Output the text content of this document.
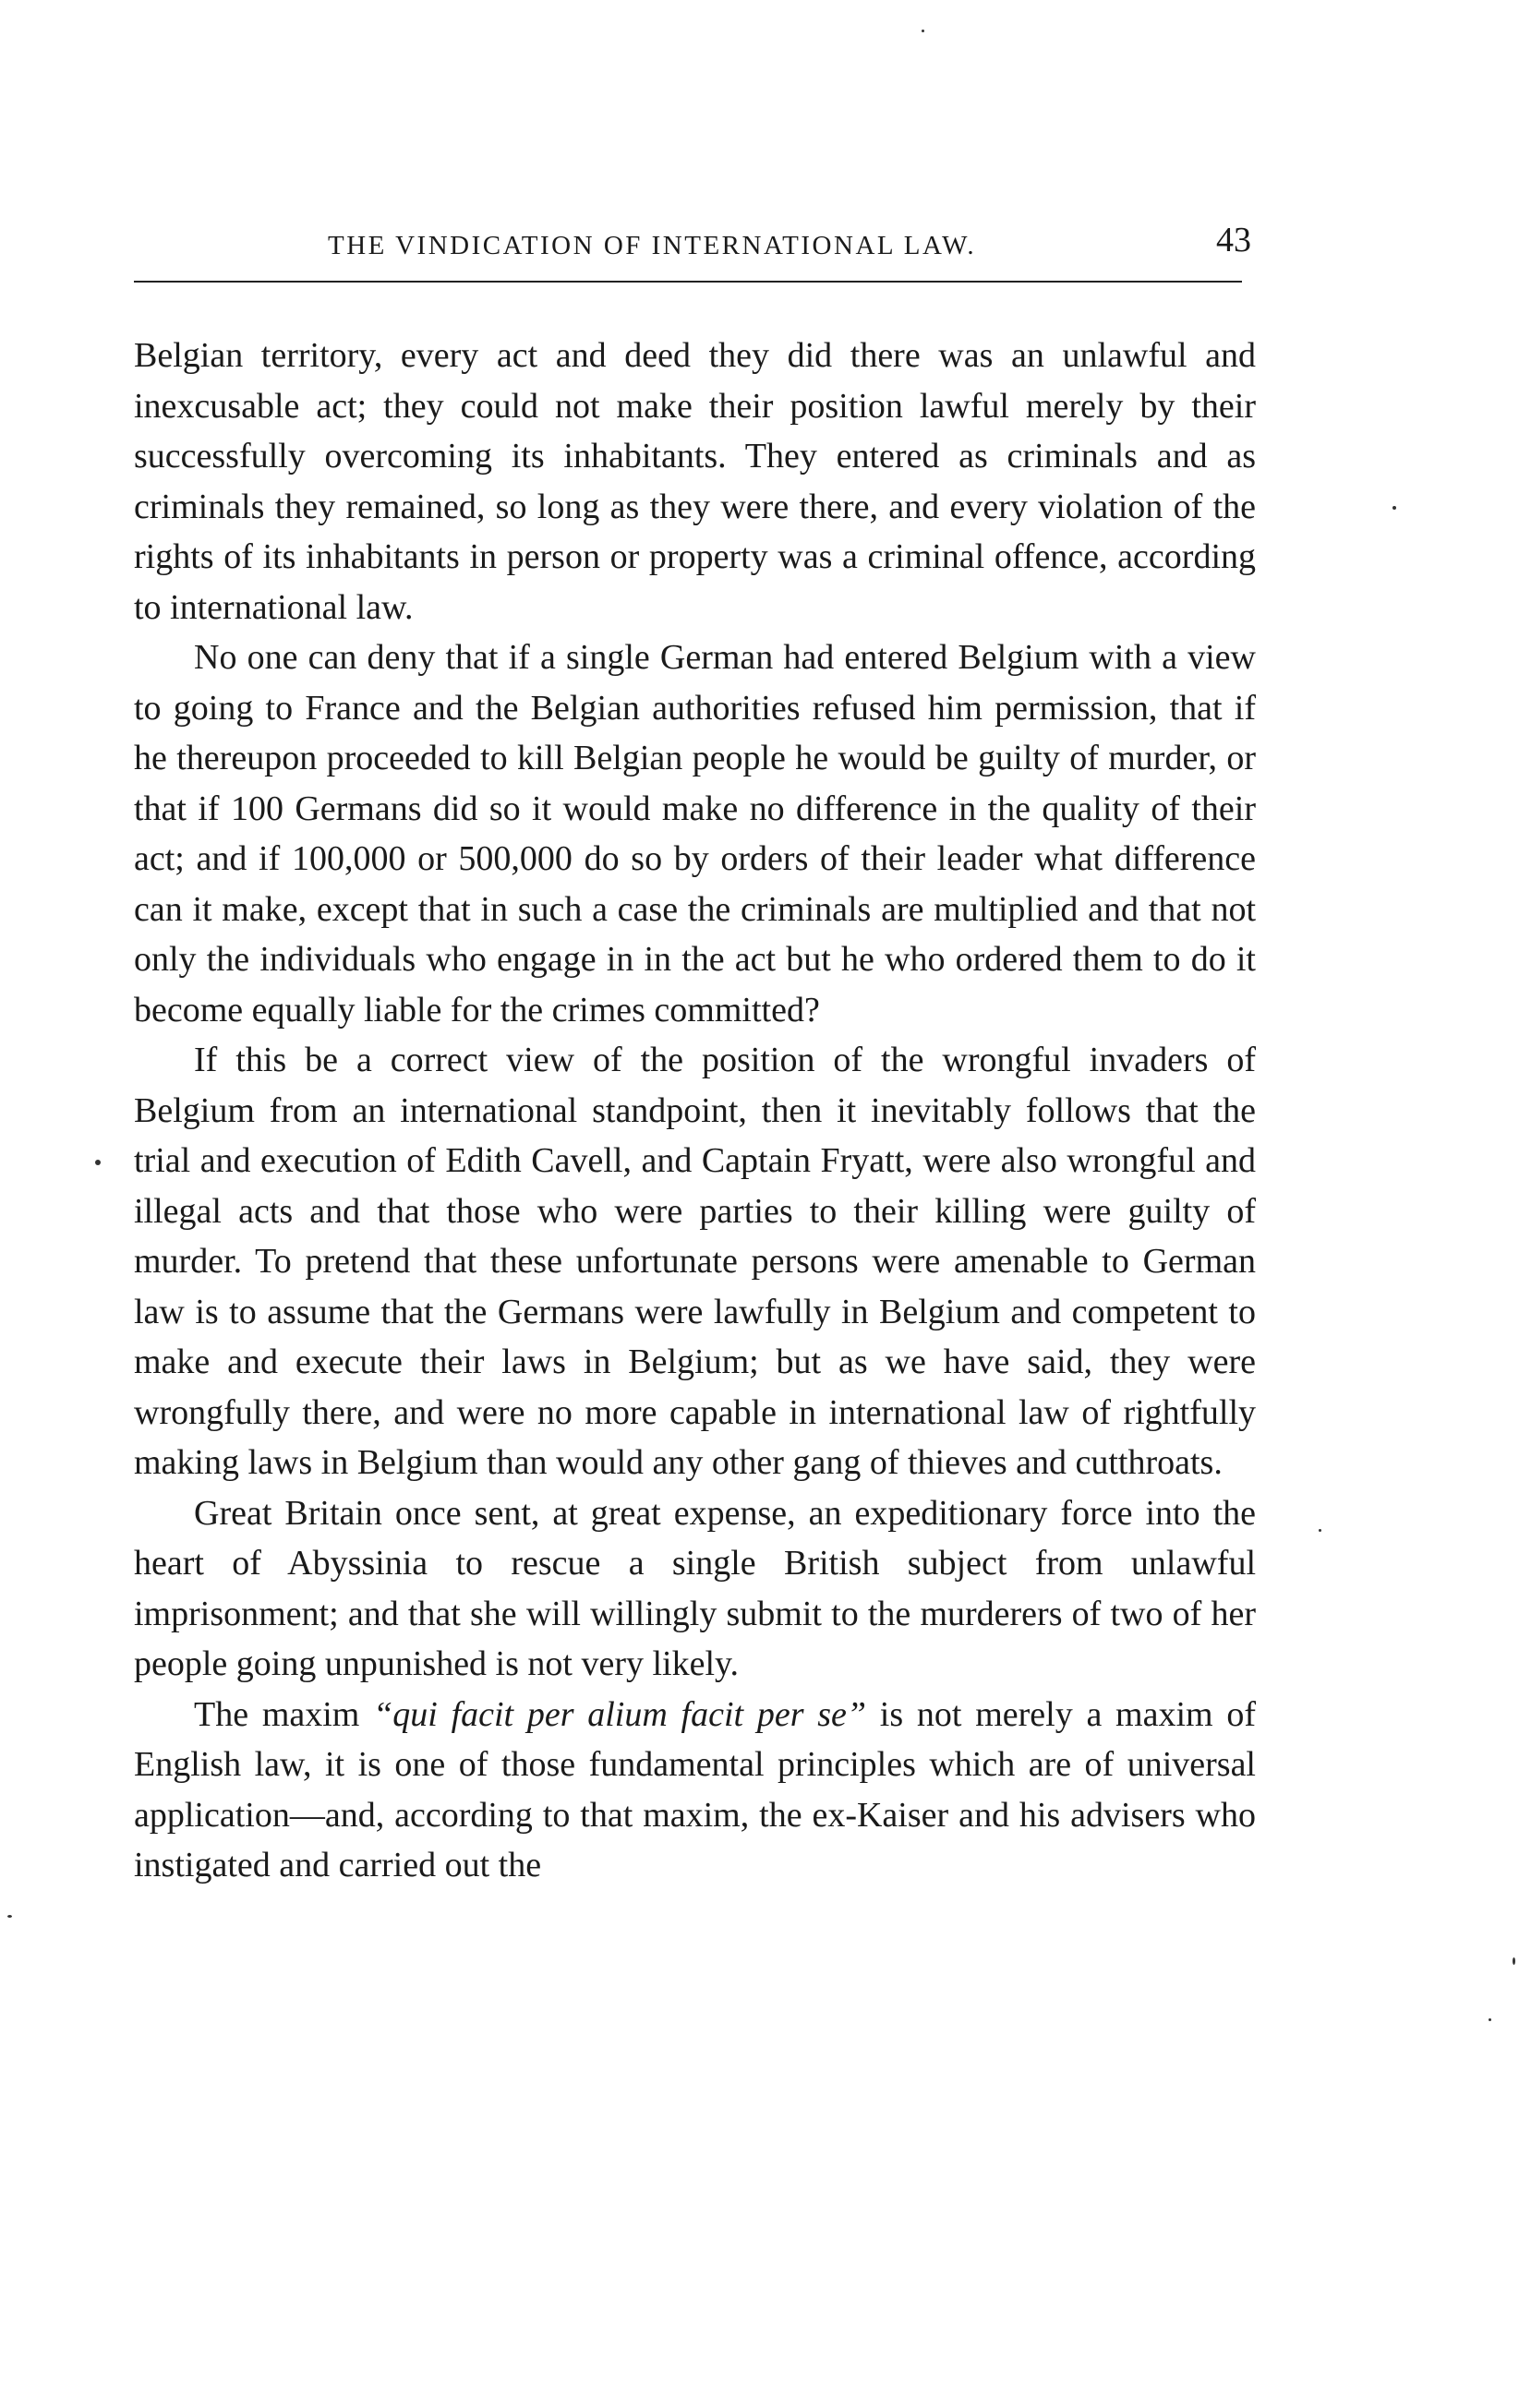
THE VINDICATION OF INTERNATIONAL LAW.	43

Belgian territory, every act and deed they did there was an unlawful and inexcusable act; they could not make their position lawful merely by their successfully overcoming its inhabitants. They entered as criminals and as criminals they remained, so long as they were there, and every violation of the rights of its inhabitants in person or property was a criminal offence, according to international law.

No one can deny that if a single German had entered Belgium with a view to going to France and the Belgian authorities refused him permission, that if he thereupon proceeded to kill Belgian people he would be guilty of murder, or that if 100 Germans did so it would make no difference in the quality of their act; and if 100,000 or 500,000 do so by orders of their leader what difference can it make, except that in such a case the criminals are multiplied and that not only the individuals who engage in in the act but he who ordered them to do it become equally liable for the crimes committed?

If this be a correct view of the position of the wrongful invaders of Belgium from an international standpoint, then it inevitably follows that the trial and execution of Edith Cavell, and Captain Fryatt, were also wrongful and illegal acts and that those who were parties to their killing were guilty of murder. To pretend that these unfortunate persons were amenable to German law is to assume that the Germans were lawfully in Belgium and competent to make and execute their laws in Belgium; but as we have said, they were wrongfully there, and were no more capable in international law of rightfully making laws in Belgium than would any other gang of thieves and cutthroats.

Great Britain once sent, at great expense, an expeditionary force into the heart of Abyssinia to rescue a single British subject from unlawful imprisonment; and that she will willingly submit to the murderers of two of her people going unpunished is not very likely.

The maxim “qui facit per alium facit per se” is not merely a maxim of English law, it is one of those fundamental principles which are of universal application—and, according to that maxim, the ex-Kaiser and his advisers who instigated and carried out the
